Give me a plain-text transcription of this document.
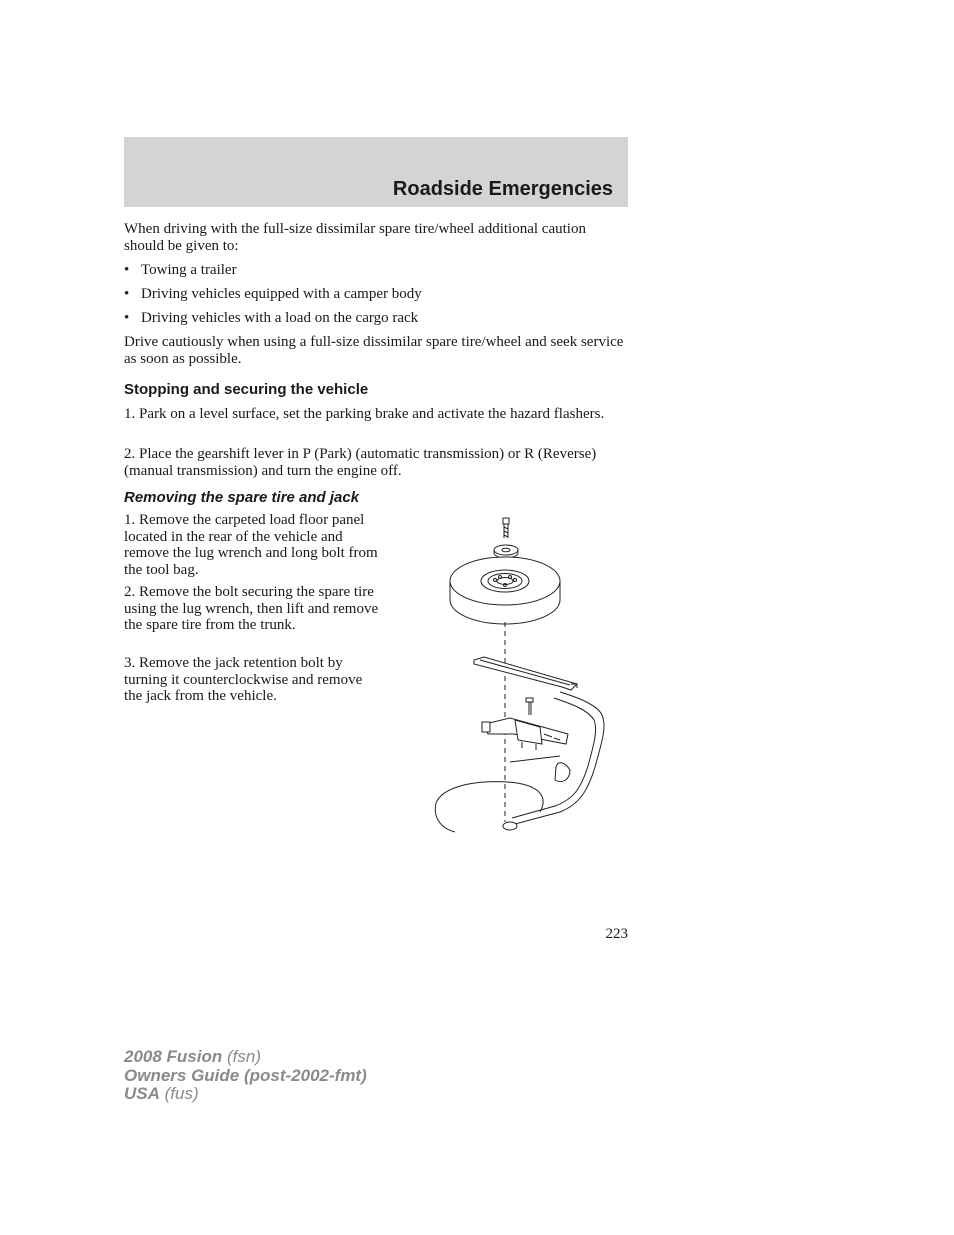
Roadside Emergencies

When driving with the full-size dissimilar spare tire/wheel additional caution should be given to:

• Towing a trailer
• Driving vehicles equipped with a camper body
• Driving vehicles with a load on the cargo rack

Drive cautiously when using a full-size dissimilar spare tire/wheel and seek service as soon as possible.

Stopping and securing the vehicle

1. Park on a level surface, set the parking brake and activate the hazard flashers.

2. Place the gearshift lever in P (Park) (automatic transmission) or R (Reverse) (manual transmission) and turn the engine off.

Removing the spare tire and jack

1. Remove the carpeted load floor panel located in the rear of the vehicle and remove the lug wrench and long bolt from the tool bag.

2. Remove the bolt securing the spare tire using the lug wrench, then lift and remove the spare tire from the trunk.

3. Remove the jack retention bolt by turning it counterclockwise and remove the jack from the vehicle.

223
2008 Fusion (fsn)
Owners Guide (post-2002-fmt)
USA (fus)
